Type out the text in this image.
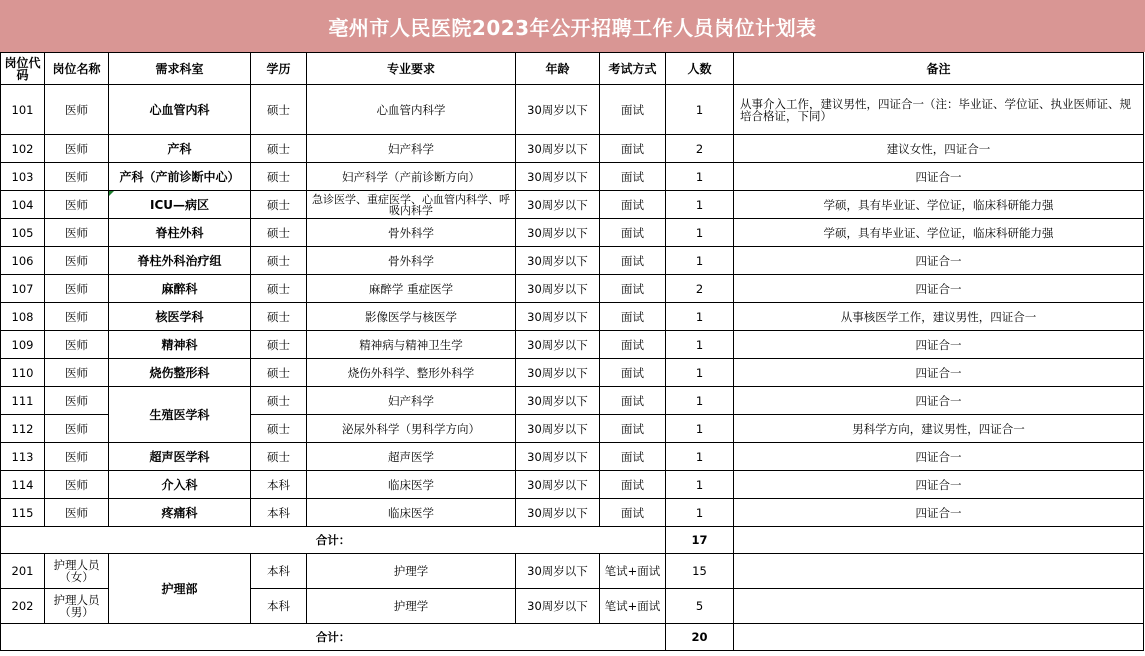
亳州市人民医院2023年公开招聘工作人员岗位计划表
岗位代码	岗位名称	需求科室	学历	专业要求	年龄	考试方式	人数	备注
101	医师	心血管内科	硕士	心血管内科学	30周岁以下	面试	1	从事介入工作，建议男性，四证合一（注：毕业证、学位证、执业医师证、规培合格证，下同）
102	医师	产科	硕士	妇产科学	30周岁以下	面试	2	建议女性，四证合一
103	医师	产科（产前诊断中心）	硕士	妇产科学（产前诊断方向）	30周岁以下	面试	1	四证合一
104	医师	ICU—病区	硕士	急诊医学、重症医学、心血管内科学、呼吸内科学	30周岁以下	面试	1	学硕，具有毕业证、学位证，临床科研能力强
105	医师	脊柱外科	硕士	骨外科学	30周岁以下	面试	1	学硕，具有毕业证、学位证，临床科研能力强
106	医师	脊柱外科治疗组	硕士	骨外科学	30周岁以下	面试	1	四证合一
107	医师	麻醉科	硕士	麻醉学 重症医学	30周岁以下	面试	2	四证合一
108	医师	核医学科	硕士	影像医学与核医学	30周岁以下	面试	1	从事核医学工作，建议男性，四证合一
109	医师	精神科	硕士	精神病与精神卫生学	30周岁以下	面试	1	四证合一
110	医师	烧伤整形科	硕士	烧伤外科学、整形外科学	30周岁以下	面试	1	四证合一
111	医师	生殖医学科	硕士	妇产科学	30周岁以下	面试	1	四证合一
112	医师		硕士	泌尿外科学（男科学方向）	30周岁以下	面试	1	男科学方向，建议男性，四证合一
113	医师	超声医学科	硕士	超声医学	30周岁以下	面试	1	四证合一
114	医师	介入科	本科	临床医学	30周岁以下	面试	1	四证合一
115	医师	疼痛科	本科	临床医学	30周岁以下	面试	1	四证合一
合计：							17	
201	护理人员（女）	护理部	本科	护理学	30周岁以下	笔试+面试	15	
202	护理人员（男）		本科	护理学	30周岁以下	笔试+面试	5	
合计：							20	
